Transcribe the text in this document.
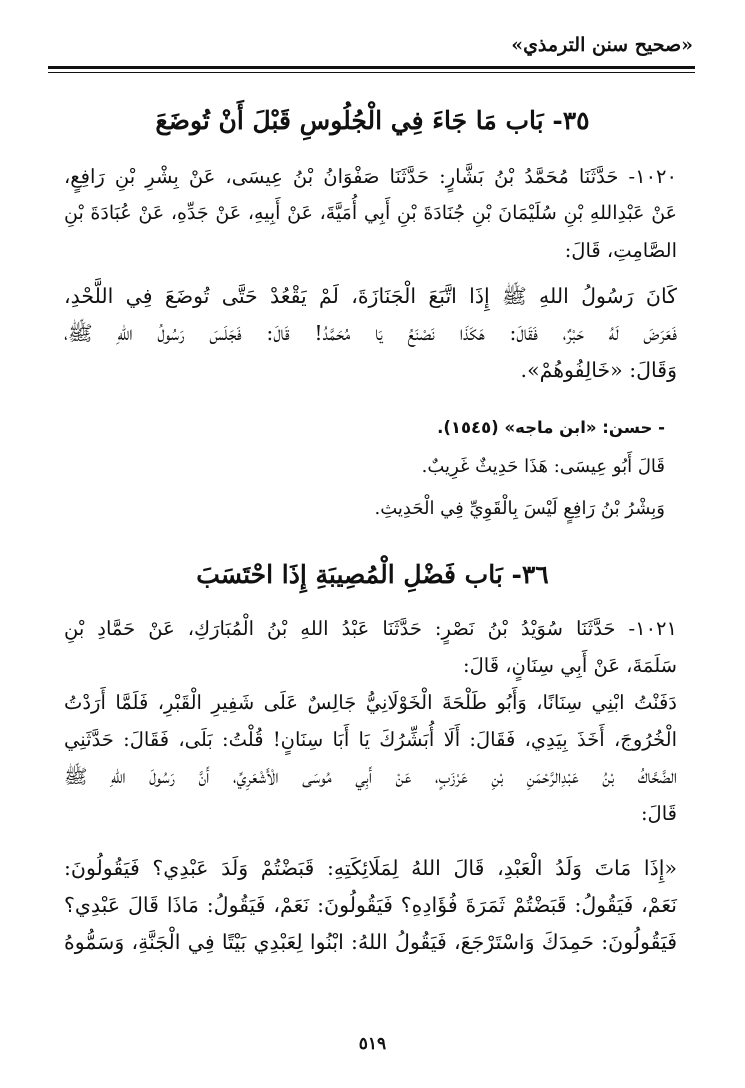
«صحيح سنن الترمذي»
٣٥- بَاب مَا جَاءَ فِي الْجُلُوسِ قَبْلَ أَنْ تُوضَعَ
١٠٢٠- حَدَّثَنَا مُحَمَّدُ بْنُ بَشَّارٍ: حَدَّثَنَا صَفْوَانُ بْنُ عِيسَى، عَنْ بِشْرِ بْنِ رَافِعٍ،
عَنْ عَبْدِاللهِ بْنِ سُلَيْمَانَ بْنِ جُنَادَةَ بْنِ أَبِي أُمَيَّةَ، عَنْ أَبِيهِ، عَنْ جَدِّهِ، عَنْ عُبَادَةَ بْنِ
الصَّامِتِ، قَالَ:
كَانَ رَسُولُ اللهِ ﷺ إِذَا اتَّبَعَ الْجَنَازَةَ، لَمْ يَقْعُدْ حَتَّى تُوضَعَ فِي اللَّحْدِ،
فَعَرَضَ لَهُ حَبْرٌ، فَقَالَ: هَكَذَا نَصْنَعُ يَا مُحَمَّدُ! قَالَ: فَجَلَسَ رَسُولُ اللهِ ﷺ،
وَقَالَ: «خَالِفُوهُمْ».
- حسن: «ابن ماجه» (١٥٤٥).
قَالَ أَبُو عِيسَى: هَذَا حَدِيثٌ غَرِيبٌ.
وَبِشْرُ بْنُ رَافِعٍ لَيْسَ بِالْقَوِيِّ فِي الْحَدِيثِ.
٣٦- بَاب فَضْلِ الْمُصِيبَةِ إِذَا احْتَسَبَ
١٠٢١- حَدَّثَنَا سُوَيْدُ بْنُ نَصْرٍ: حَدَّثَنَا عَبْدُ اللهِ بْنُ الْمُبَارَكِ، عَنْ حَمَّادِ بْنِ
سَلَمَةَ، عَنْ أَبِي سِنَانٍ، قَالَ:
دَفَنْتُ ابْنِي سِنَانًا، وَأَبُو طَلْحَةَ الْخَوْلَانِيُّ جَالِسٌ عَلَى شَفِيرِ الْقَبْرِ، فَلَمَّا أَرَدْتُ
الْخُرُوجَ، أَخَذَ بِيَدِي، فَقَالَ: أَلَا أُبَشِّرُكَ يَا أَبَا سِنَانٍ! قُلْتُ: بَلَى، فَقَالَ: حَدَّثَنِي
الضَّحَّاكُ بْنُ عَبْدِالرَّحْمَنِ بْنِ عَرْزَبٍ، عَنْ أَبِي مُوسَى الْأَشْعَرِيِّ، أَنَّ رَسُولَ اللهِ ﷺ
قَالَ:
«إِذَا مَاتَ وَلَدُ الْعَبْدِ، قَالَ اللهُ لِمَلَائِكَتِهِ: قَبَضْتُمْ وَلَدَ عَبْدِي؟ فَيَقُولُونَ:
نَعَمْ، فَيَقُولُ: قَبَضْتُمْ ثَمَرَةَ فُؤَادِهِ؟ فَيَقُولُونَ: نَعَمْ، فَيَقُولُ: مَاذَا قَالَ عَبْدِي؟
فَيَقُولُونَ: حَمِدَكَ وَاسْتَرْجَعَ، فَيَقُولُ اللهُ: ابْنُوا لِعَبْدِي بَيْتًا فِي الْجَنَّةِ، وَسَمُّوهُ
٥١٩
